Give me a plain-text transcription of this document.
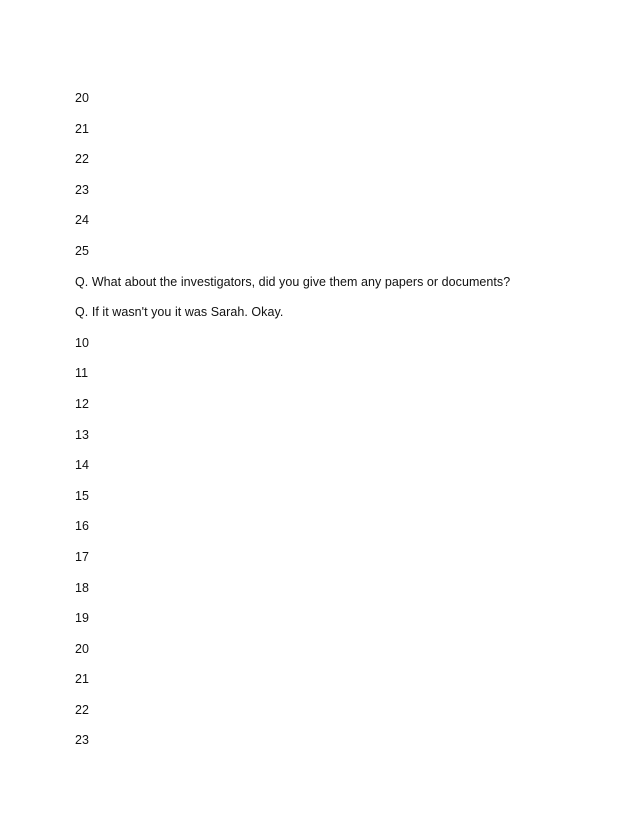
20
21
22
23
24
25
Q. What about the investigators, did you give them any papers or documents?
Q. If it wasn't you it was Sarah. Okay.
10
11
12
13
14
15
16
17
18
19
20
21
22
23
